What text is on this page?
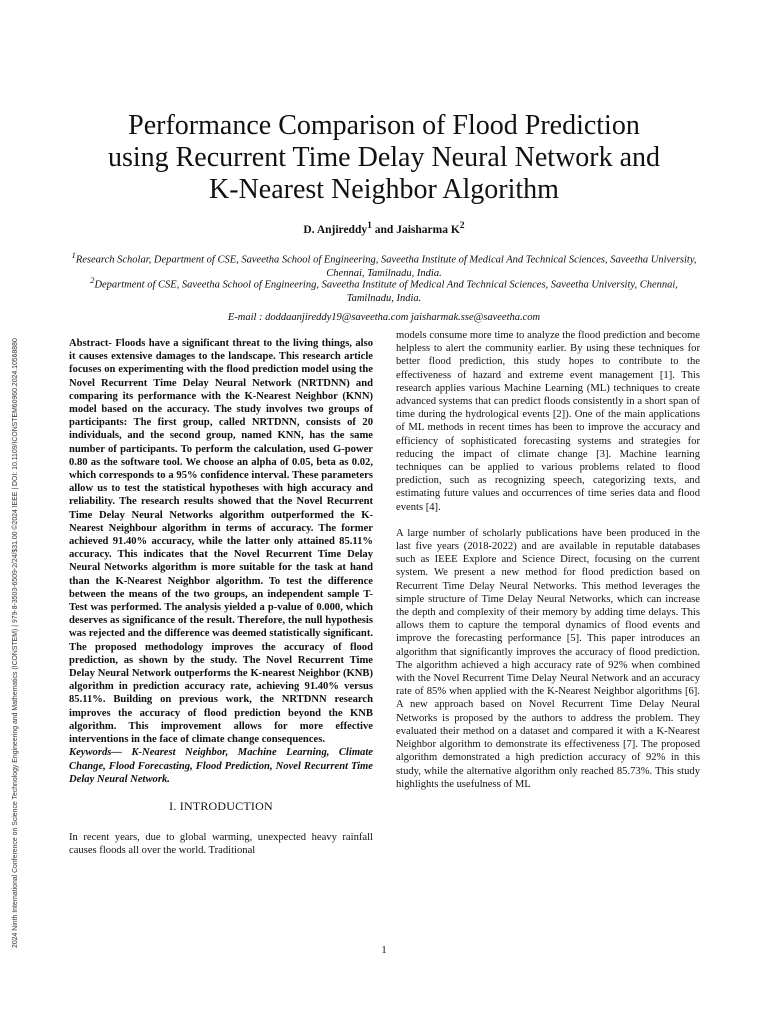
2024 Ninth International Conference on Science Technology Engineering and Mathematics (ICONSTEM) | 979-8-3503-6509-2/24/$31.00 ©2024 IEEE | DOI: 10.1109/ICONSTEM60960.2024.10568880
Performance Comparison of Flood Prediction
using Recurrent Time Delay Neural Network and
K-Nearest Neighbor Algorithm
D. Anjireddy$^1$ and Jaisharma $K^2$
$^1$Research Scholar, Department of CSE, Saveetha School of Engineering, Saveetha Institute of Medical And Technical Sciences, Saveetha University, Chennai, Tamilnadu, India.
$^2$Department of CSE, Saveetha School of Engineering, Saveetha Institute of Medical And Technical Sciences, Saveetha University, Chennai, Tamilnadu, India.
E-mail : doddaanjireddy19@saveetha.com jaisharmak.sse@saveetha.com

Abstract- Floods have a significant threat to the living things, also it causes extensive damages to the landscape. This research article focuses on experimenting with the flood prediction model using the Novel Recurrent Time Delay Neural Network (NRTDNN) and comparing its performance with the K-Nearest Neighbor (KNN) model based on the accuracy. The study involves two groups of participants: The first group, called NRTDNN, consists of 20 individuals, and the second group, named KNN, has the same number of participants. To perform the calculation, used G-power 0.80 as the software tool. We choose an alpha of 0.05, beta as 0.02, which corresponds to a 95% confidence interval. These parameters allow us to test the statistical hypotheses with high accuracy and reliability. The research results showed that the Novel Recurrent Time Delay Neural Networks algorithm outperformed the K-Nearest Neighbour algorithm in terms of accuracy. The former achieved 91.40% accuracy, while the latter only attained 85.11% accuracy. This indicates that the Novel Recurrent Time Delay Neural Networks algorithm is more suitable for the task at hand than the K-Nearest Neighbor algorithm. To test the difference between the means of the two groups, an independent sample T-Test was performed. The analysis yielded a p-value of 0.000, which deserves as significance of the result. Therefore, the null hypothesis was rejected and the difference was deemed statistically significant. The proposed methodology improves the accuracy of flood prediction, as shown by the study. The Novel Recurrent Time Delay Neural Network outperforms the K-nearest Neighbor (KNB) algorithm in prediction accuracy rate, achieving 91.40% versus 85.11%. Building on previous work, the NRTDNN research improves the accuracy of flood prediction beyond the KNB algorithm. This improvement allows for more effective interventions in the face of climate change consequences.

Keywords— K-Nearest Neighbor, Machine Learning, Climate Change, Flood Forecasting, Flood Prediction, Novel Recurrent Time Delay Neural Network.

I. INTRODUCTION

In recent years, due to global warming, unexpected heavy rainfall causes floods all over the world. Traditional

models consume more time to analyze the flood prediction and become helpless to alert the community earlier. By using these techniques for better flood prediction, this study hopes to contribute to the effectiveness of hazard and extreme event management [1]. This research applies various Machine Learning (ML) techniques to create advanced systems that can predict floods consistently in a short span of time during the hydrological events [2]). One of the main applications of ML methods in recent times has been to improve the accuracy and efficiency of sophisticated forecasting systems and strategies for reducing the impact of climate change [3]. Machine learning techniques can be applied to various problems related to flood prediction, such as recognizing speech, categorizing texts, and estimating future values and occurrences of time series data and flood events [4].

A large number of scholarly publications have been produced in the last five years (2018-2022) and are available in reputable databases such as IEEE Explore and Science Direct, focusing on the current system. We present a new method for flood prediction based on Recurrent Time Delay Neural Networks. This method leverages the simple structure of Time Delay Neural Networks, which can increase the depth and complexity of their memory by adding time delays. This allows them to capture the temporal dynamics of flood events and improve the forecasting performance [5]. This paper introduces an algorithm that significantly improves the accuracy of flood prediction. The algorithm achieved a high accuracy rate of 92% when combined with the Novel Recurrent Time Delay Neural Network and an accuracy rate of 85% when applied with the K-Nearest Neighbor algorithms [6]. A new approach based on Novel Recurrent Time Delay Neural Networks is proposed by the authors to address the problem. They evaluated their method on a dataset and compared it with a K-Nearest Neighbor algorithm to demonstrate its effectiveness [7]. The proposed algorithm demonstrated a high prediction accuracy of 92% in this study, while the alternative algorithm only reached 85.73%. This study highlights the usefulness of ML

1
